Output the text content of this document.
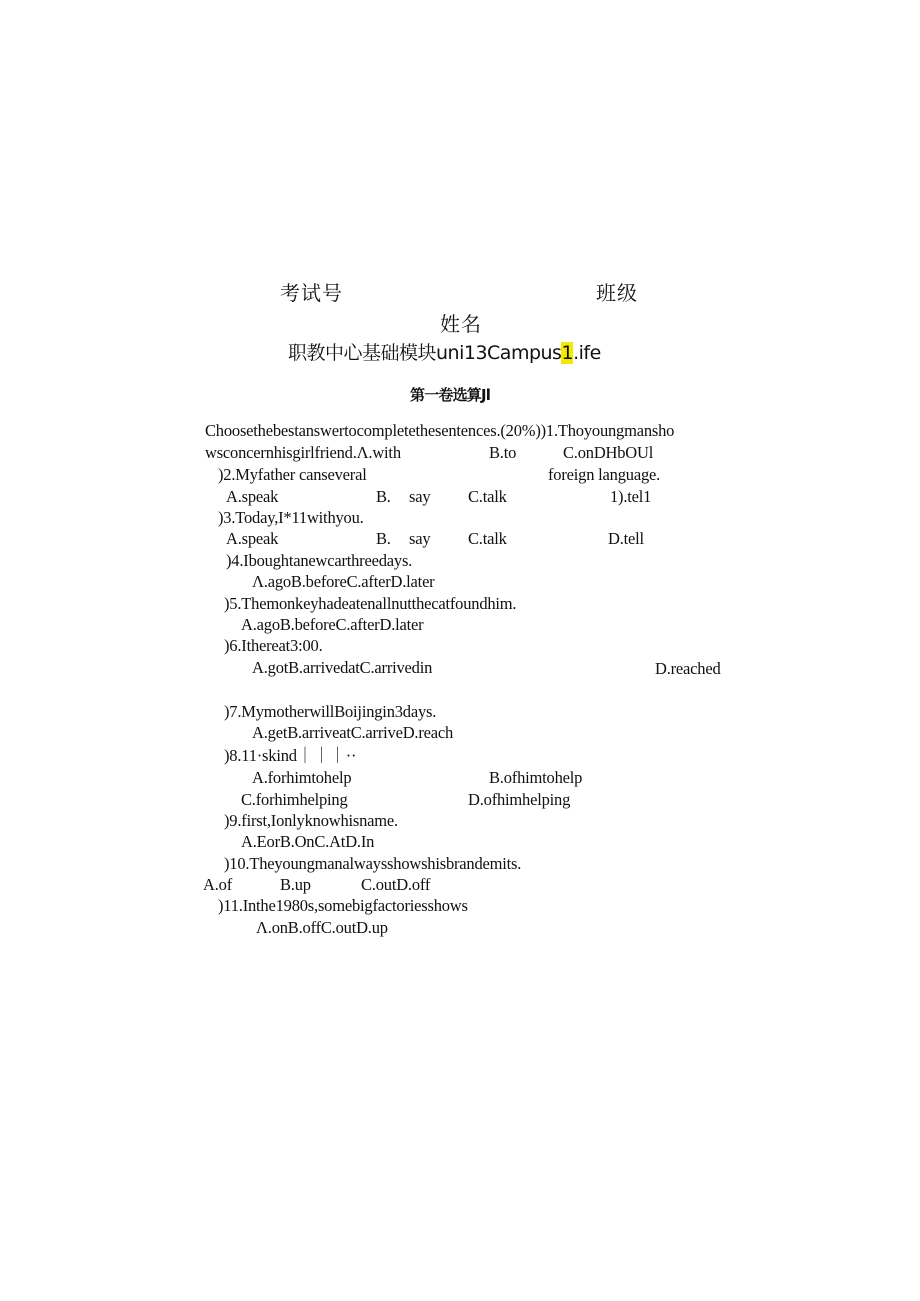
考试号	班级
姓名
职教中心基础模块uni13Campus1.ife
第一卷选算Jl
Choosethebestanswertocompletethesentences.(20%))1.Thoyoungmansho
wsconcernhisgirlfriend.Λ.with	B.to	C.onDHbOUl
)2.Myfather canseveral	foreign language.
A.speak	B. say C.talk	1).tel1
)3.Today,I*11withyou.
A.speak	B. say C.talk	D.tell
)4.Iboughtanewcarthreedays.
Λ.agoB.beforeC.afterD.later
)5.Themonkeyhadeatenallnutthecatfoundhim.
A.agoB.beforeC.afterD.later
)6.Ithereat3:00.
A.gotB.arrivedatC.arrivedin	D.reached
)7.MymotherwillBoijingin3days.
A.getB.arriveatC.arriveD.reach
)8.11·skind｜｜｜··
A.forhimtohelp	B.ofhimtohelp
C.forhimhelping	D.ofhimhelping
)9.first,Ionlyknowhisname.
A.EorB.OnC.AtD.In
)10.Theyoungmanalwaysshowshisbrandemits.
A.of	B.up	C.outD.off
)11.Inthe1980s,somebigfactoriesshows
Λ.onB.offC.outD.up
